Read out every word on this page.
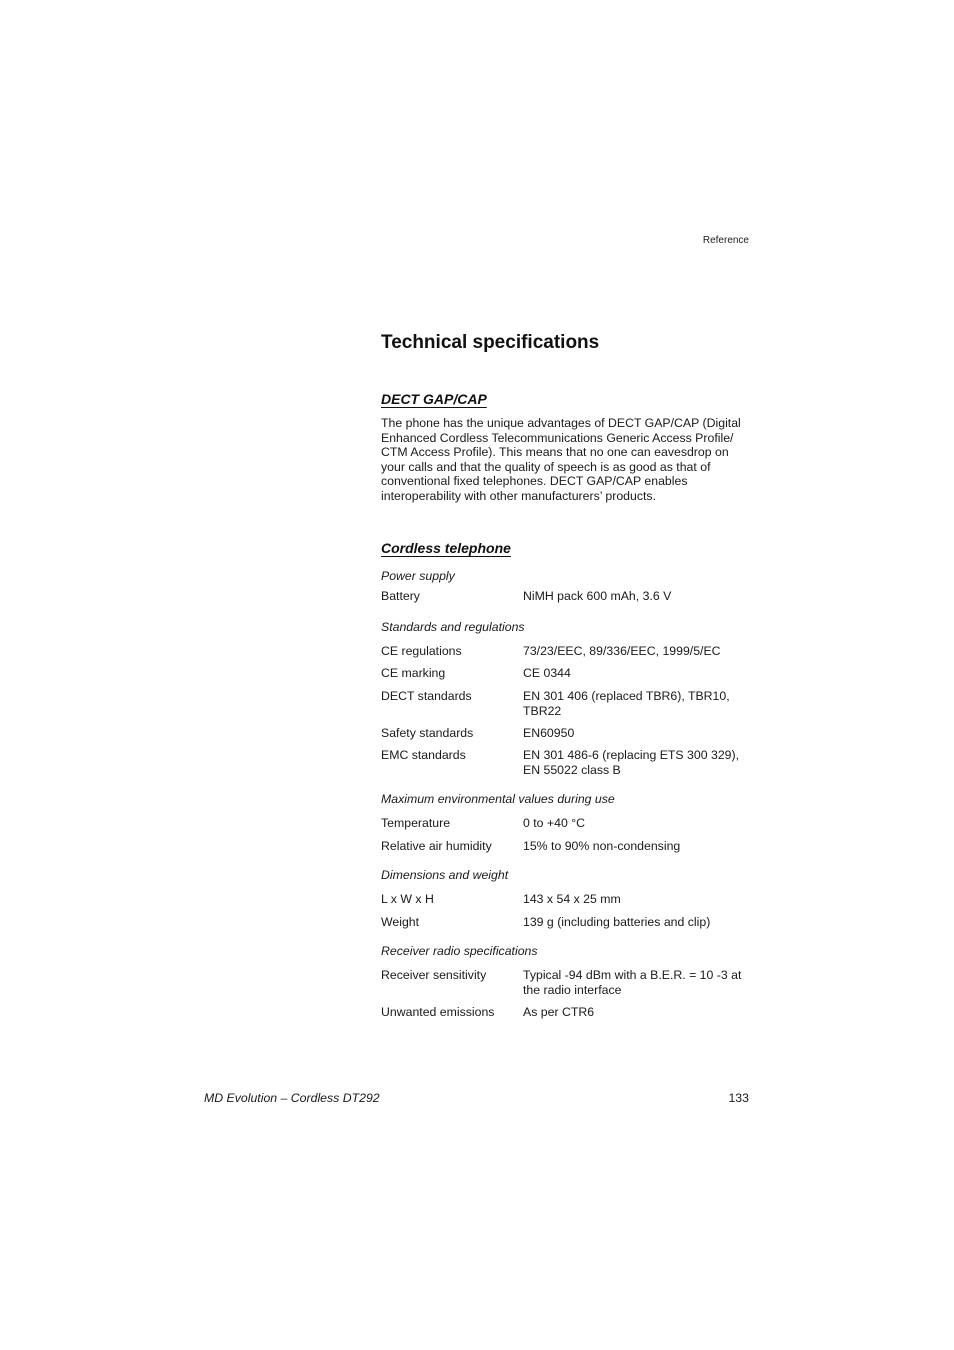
Reference
Technical specifications
DECT GAP/CAP

The phone has the unique advantages of DECT GAP/CAP (Digital Enhanced Cordless Telecommunications Generic Access Profile/ CTM Access Profile). This means that no one can eavesdrop on your calls and that the quality of speech is as good as that of conventional fixed telephones. DECT GAP/CAP enables interoperability with other manufacturers’ products.

Cordless telephone
Power supply
Battery	NiMH pack 600 mAh, 3.6 V
Standards and regulations
CE regulations	73/23/EEC, 89/336/EEC, 1999/5/EC
CE marking	CE 0344
DECT standards	EN 301 406 (replaced TBR6), TBR10, TBR22
Safety standards	EN60950
EMC standards	EN 301 486-6 (replacing ETS 300 329), EN 55022 class B
Maximum environmental values during use
Temperature	0 to +40 °C
Relative air humidity	15% to 90% non-condensing
Dimensions and weight
L x W x H	143 x 54 x 25 mm
Weight	139 g (including batteries and clip)
Receiver radio specifications
Receiver sensitivity	Typical -94 dBm with a B.E.R. = 10 -3 at the radio interface
Unwanted emissions	As per CTR6
MD Evolution – Cordless DT292	133
